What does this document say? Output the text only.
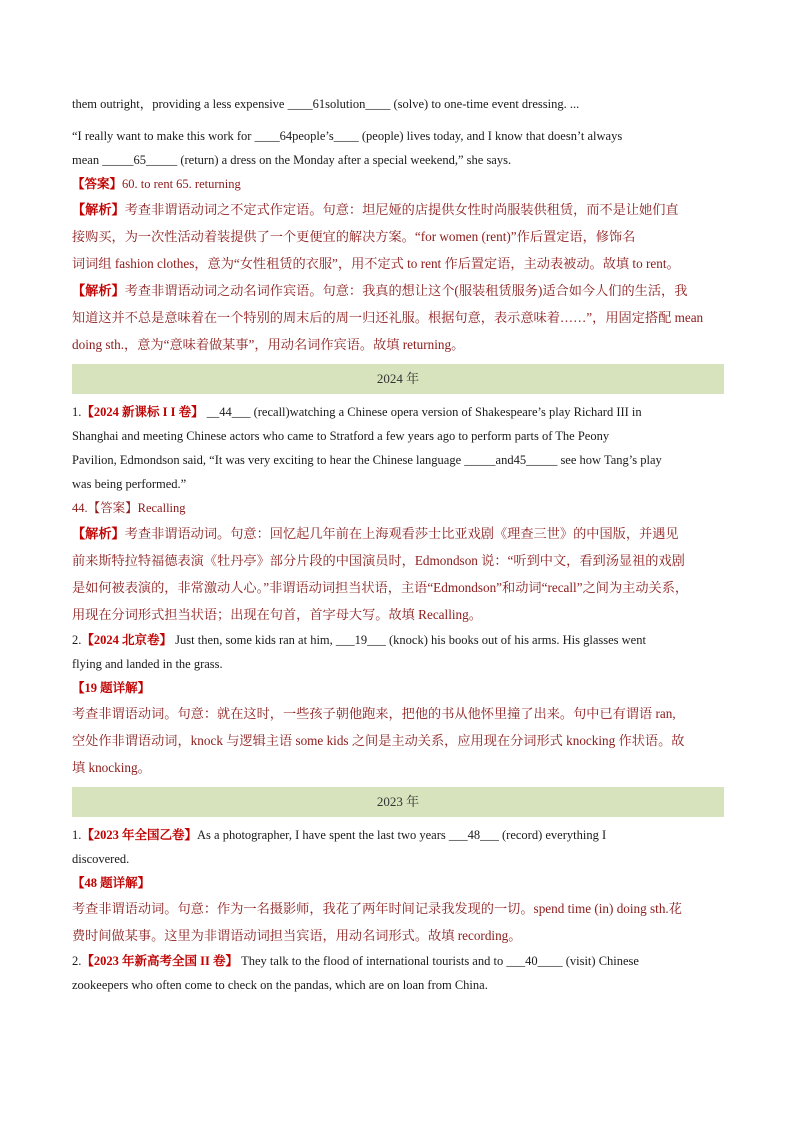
them outright，providing a less expensive ____61solution____ (solve) to one-time event dressing. ...

“I really want to make this work for ____64people’s____ (people) lives today, and I know that doesn’t always

mean _____65_____ (return) a dress on the Monday after a special weekend,” she says.

【答案】60. to rent 65. returning

【解析】考查非谓语动词之不定式作定语。句意：坦尼娅的店提供女性时尚服装供租赁，而不是让她们直

接购买，为一次性活动着装提供了一个更便宜的解决方案。“for women (rent)”作后置定语，修饰名

词词组 fashion clothes，意为“女性租赁的衣服”，用不定式 to rent 作后置定语，主动表被动。故填 to rent。

【解析】考查非谓语动词之动名词作宾语。句意：我真的想让这个(服装租赁服务)适合如今人们的生活，我

知道这并不总是意味着在一个特别的周末后的周一归还礼服。根据句意，表示意味着……”，用固定搭配 mean

doing sth.，意为“意味着做某事”，用动名词作宾语。故填 returning。

2024 年

1.【2024 新课标 I I 卷】 __44___ (recall)watching a Chinese opera version of Shakespeare’s play Richard III in

Shanghai and meeting Chinese actors who came to Stratford a few years ago to perform parts of The Peony

Pavilion, Edmondson said, “It was very exciting to hear the Chinese language _____and45_____ see how Tang’s play

was being performed.”

44.【答案】Recalling

【解析】考查非谓语动词。句意：回忆起几年前在上海观看莎士比亚戏剧《理查三世》的中国版，并遇见

前来斯特拉特福德表演《牡丹亭》部分片段的中国演员时，Edmondson 说：“听到中文，看到汤显祖的戏剧

是如何被表演的，非常激动人心。”非谓语动词担当状语，主语“Edmondson”和动词“recall”之间为主动关系，

用现在分词形式担当状语；出现在句首，首字母大写。故填 Recalling。

2.【2024 北京卷】 Just then, some kids ran at him, ___19___ (knock) his books out of his arms. His glasses went

flying and landed in the grass.

【19 题详解】

考查非谓语动词。句意：就在这时，一些孩子朝他跑来，把他的书从他怀里撞了出来。句中已有谓语 ran,

空处作非谓语动词，knock 与逻辑主语 some kids 之间是主动关系，应用现在分词形式 knocking 作状语。故

填 knocking。

2023 年

1.【2023 年全国乙卷】As a photographer, I have spent the last two years ___48___ (record) everything I

discovered.

【48 题详解】

考查非谓语动词。句意：作为一名摄影师，我花了两年时间记录我发现的一切。spend time (in) doing sth.花

费时间做某事。这里为非谓语动词担当宾语，用动名词形式。故填 recording。

2.【2023 年新高考全国 II 卷】 They talk to the flood of international tourists and to ___40____ (visit) Chinese

zookeepers who often come to check on the pandas, which are on loan from China.
